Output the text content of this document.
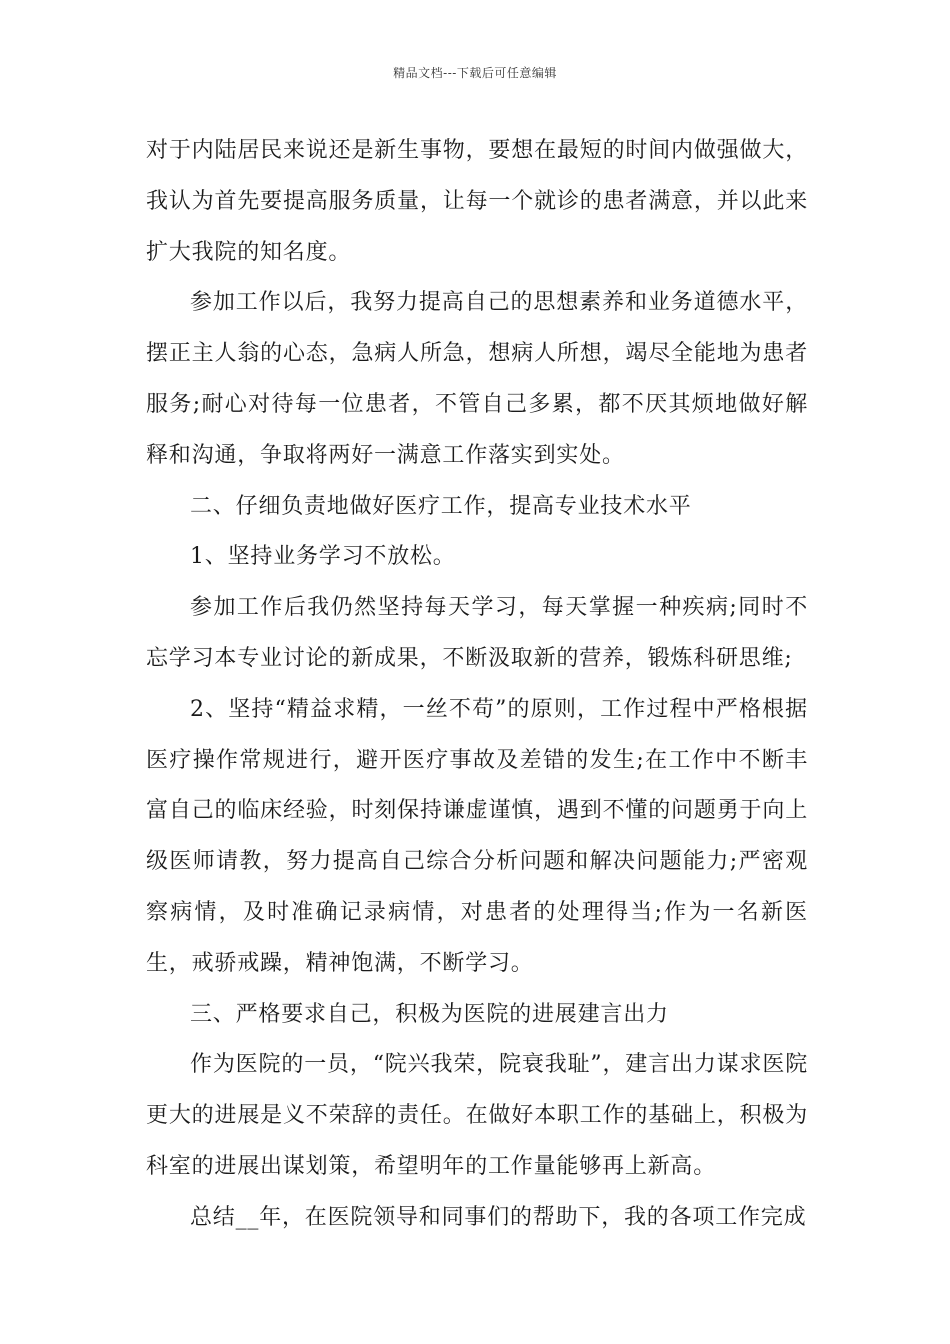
精品文档---下载后可任意编辑

对于内陆居民来说还是新生事物，要想在最短的时间内做强做大，我认为首先要提高服务质量，让每一个就诊的患者满意，并以此来扩大我院的知名度。

参加工作以后，我努力提高自己的思想素养和业务道德水平，摆正主人翁的心态，急病人所急，想病人所想，竭尽全能地为患者服务;耐心对待每一位患者，不管自己多累，都不厌其烦地做好解释和沟通，争取将两好一满意工作落实到实处。

二、仔细负责地做好医疗工作，提高专业技术水平

1、坚持业务学习不放松。

参加工作后我仍然坚持每天学习，每天掌握一种疾病;同时不忘学习本专业讨论的新成果，不断汲取新的营养，锻炼科研思维;

2、坚持“精益求精，一丝不苟”的原则，工作过程中严格根据医疗操作常规进行，避开医疗事故及差错的发生;在工作中不断丰富自己的临床经验，时刻保持谦虚谨慎，遇到不懂的问题勇于向上级医师请教，努力提高自己综合分析问题和解决问题能力;严密观察病情，及时准确记录病情，对患者的处理得当;作为一名新医生，戒骄戒躁，精神饱满，不断学习。

三、严格要求自己，积极为医院的进展建言出力

作为医院的一员，“院兴我荣，院衰我耻”，建言出力谋求医院更大的进展是义不荣辞的责任。在做好本职工作的基础上，积极为科室的进展出谋划策，希望明年的工作量能够再上新高。

总结__年，在医院领导和同事们的帮助下，我的各项工作完成
